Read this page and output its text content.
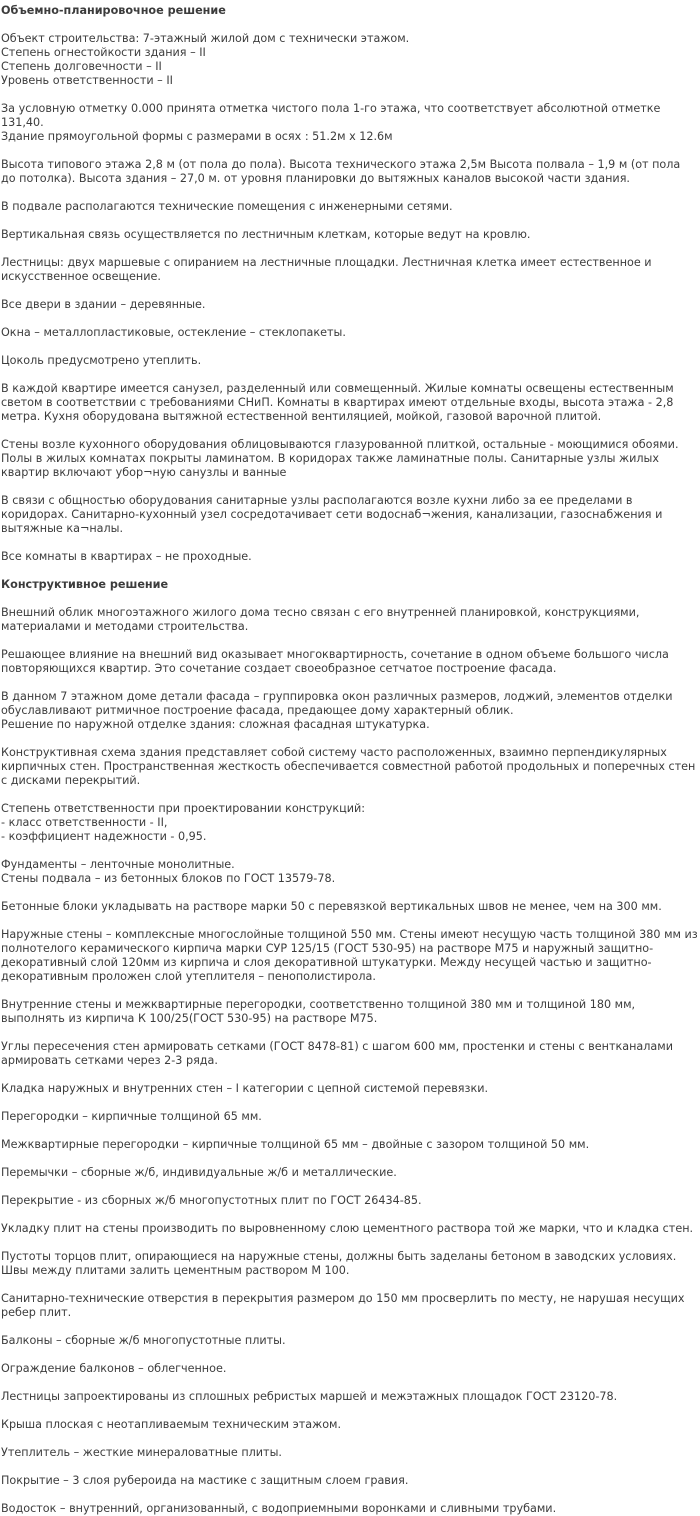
Объемно-планировочное решение

Объект строительства: 7-этажный жилой дом с технически этажом.
Степень огнестойкости здания – II
Степень долговечности – II
Уровень ответственности – II

За условную отметку 0.000 принята отметка чистого пола 1-го этажа, что соответствует абсолютной отметке 131,40.
Здание прямоугольной формы с размерами в осях : 51.2м х 12.6м

Высота типового этажа 2,8 м (от пола до пола). Высота технического этажа 2,5м Высота полвала – 1,9 м (от пола до потолка). Высота здания – 27,0 м. от уровня планировки до вытяжных каналов высокой части здания.

В подвале располагаются технические помещения с инженерными сетями.

Вертикальная связь осуществляется по лестничным клеткам, которые ведут на кровлю.

Лестницы: двух маршевые с опиранием на лестничные площадки. Лестничная клетка имеет естественное и искусственное освещение.

Все двери в здании – деревянные.

Окна – металлопластиковые, остекление – стеклопакеты.

Цоколь предусмотрено утеплить.

В каждой квартире имеется санузел, разделенный или совмещенный. Жилые комнаты освещены естественным светом в соответствии с требованиями СНиП. Комнаты в квартирах имеют отдельные входы, высота этажа - 2,8 метра. Кухня оборудована вытяжной естественной вентиляцией, мойкой, газовой варочной плитой.

Стены возле кухонного оборудования облицовываются глазурованной плиткой, остальные - моющимися обоями. Полы в жилых комнатах покрыты ламинатом. В коридорах также ламинатные полы. Санитарные узлы жилых квартир включают убор¬ную санузлы и ванные

В связи с общностью оборудования санитарные узлы располагаются возле кухни либо за ее пределами в коридорах. Санитарно-кухонный узел сосредотачивает сети водоснаб¬жения, канализации, газоснабжения и вытяжные ка¬налы.

Все комнаты в квартирах – не проходные.

Конструктивное решение

Внешний облик многоэтажного жилого дома тесно связан с его внутренней планировкой, конструкциями, материалами и методами строительства.

Решающее влияние на внешний вид оказывает многоквартирность, сочетание в одном объеме большого числа повторяющихся квартир. Это сочетание создает своеобразное сетчатое построение фасада.

В данном 7 этажном доме детали фасада – группировка окон различных размеров, лоджий, элементов отделки обуславливают ритмичное построение фасада, предающее дому характерный облик.
Решение по наружной отделке здания: сложная фасадная штукатурка.

Конструктивная схема здания представляет собой систему часто расположенных, взаимно перпендикулярных кирпичных стен. Пространственная жесткость обеспечивается совместной работой продольных и поперечных стен с дисками перекрытий.

Степень ответственности при проектировании конструкций:
- класс ответственности - II,
- коэффициент надежности - 0,95.

Фундаменты – ленточные монолитные.
Стены подвала – из бетонных блоков по ГОСТ 13579-78.

Бетонные блоки укладывать на растворе марки 50 с перевязкой вертикальных швов не менее, чем на 300 мм.

Наружные стены – комплексные многослойные толщиной 550 мм. Стены имеют несущую часть толщиной 380 мм из полнотелого керамического кирпича марки СУР 125/15 (ГОСТ 530-95) на растворе М75 и наружный защитно-декоративный слой 120мм из кирпича и слоя декоративной штукатурки. Между несущей частью и защитно-декоративным проложен слой утеплителя – пенополистирола.

Внутренние стены и межквартирные перегородки, соответственно толщиной 380 мм и толщиной 180 мм, выполнять из кирпича К 100/25(ГОСТ 530-95) на растворе М75.

Углы пересечения стен армировать сетками (ГОСТ 8478-81) с шагом 600 мм, простенки и стены с вентканалами армировать сетками через 2-3 ряда.

Кладка наружных и внутренних стен – I категории с цепной системой перевязки.

Перегородки – кирпичные толщиной 65 мм.

Межквартирные перегородки – кирпичные толщиной 65 мм – двойные с зазором толщиной 50 мм.

Перемычки – сборные ж/б, индивидуальные ж/б и металлические.

Перекрытие - из сборных ж/б многопустотных плит по ГОСТ 26434-85.

Укладку плит на стены производить по выровненному слою цементного раствора той же марки, что и кладка стен.

Пустоты торцов плит, опирающиеся на наружные стены, должны быть заделаны бетоном в заводских условиях. Швы между плитами залить цементным раствором М 100.

Санитарно-технические отверстия в перекрытия размером до 150 мм просверлить по месту, не нарушая несущих ребер плит.

Балконы – сборные ж/б многопустотные плиты.

Ограждение балконов – облегченное.

Лестницы запроектированы из сплошных ребристых маршей и межэтажных площадок ГОСТ 23120-78.

Крыша плоская с неотапливаемым техническим этажом.

Утеплитель – жесткие минераловатные плиты.

Покрытие – 3 слоя рубероида на мастике с защитным слоем гравия.

Водосток – внутренний, организованный, с водоприемными воронками и сливными трубами.
